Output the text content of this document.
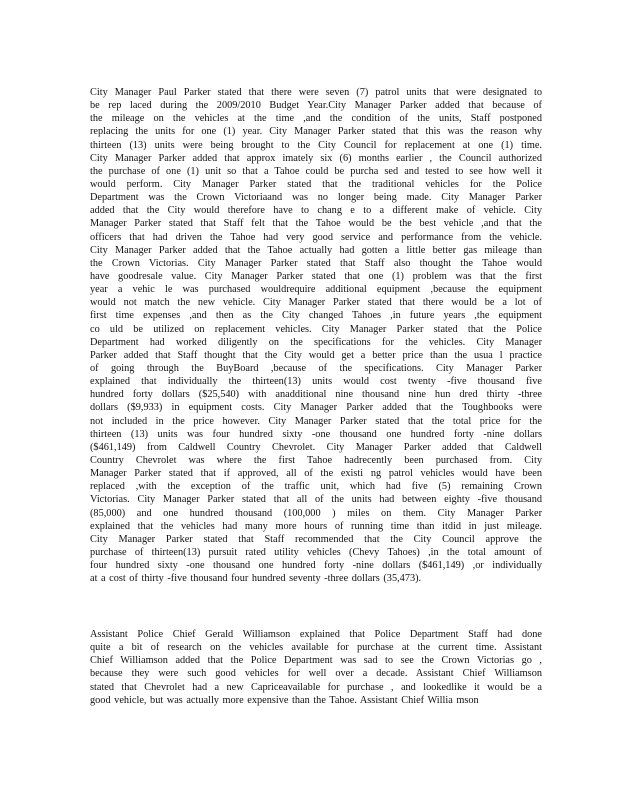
City Manager Paul Parker stated that there were seven (7) patrol units that were designated to
be rep laced during the 2009/2010 Budget Year.City Manager Parker added that because of
the mileage on the vehicles at the time ,and the condition of the units, Staff postponed
replacing the units for one (1) year. City Manager Parker stated that this was the reason why
thirteen (13) units were being brought to the City Council for replacement at one (1) time.
City Manager Parker added that approx imately six (6) months earlier , the Council authorized
the purchase of one (1) unit so that a Tahoe could be purcha sed and tested to see how well it
would perform. City Manager Parker stated that the traditional vehicles for the Police
Department was the Crown Victoriaand was no longer being made. City Manager Parker
added that the City would therefore have to chang e to a different make of vehicle. City
Manager Parker stated that Staff felt that the Tahoe would be the best vehicle ,and that the
officers that had driven the Tahoe had very good service and performance from the vehicle.
City Manager Parker added that the Tahoe actually had gotten a little better gas mileage than
the Crown Victorias. City Manager Parker stated that Staff also thought the Tahoe would
have goodresale value. City Manager Parker stated that one (1) problem was that the first
year a vehic le was purchased wouldrequire additional equipment ,because the equipment
would not match the new vehicle. City Manager Parker stated that there would be a lot of
first time expenses ,and then as the City changed Tahoes ,in future years ,the equipment
co uld be utilized on replacement vehicles. City Manager Parker stated that the Police
Department had worked diligently on the specifications for the vehicles. City Manager
Parker added that Staff thought that the City would get a better price than the usua l practice
of going through the BuyBoard ,because of the specifications. City Manager Parker
explained that individually the thirteen(13) units would cost twenty -five thousand five
hundred forty dollars ($25,540) with anadditional nine thousand nine hun dred thirty -three
dollars ($9,933) in equipment costs. City Manager Parker added that the Toughbooks were
not included in the price however. City Manager Parker stated that the total price for the
thirteen (13) units was four hundred sixty -one thousand one hundred forty -nine dollars
($461,149) from Caldwell Country Chevrolet. City Manager Parker added that Caldwell
Country Chevrolet was where the first Tahoe hadrecently been purchased from. City
Manager Parker stated that if approved, all of the existi ng patrol vehicles would have been
replaced ,with the exception of the traffic unit, which had five (5) remaining Crown
Victorias. City Manager Parker stated that all of the units had between eighty -five thousand
(85,000) and one hundred thousand (100,000 ) miles on them. City Manager Parker
explained that the vehicles had many more hours of running time than itdid in just mileage.
City Manager Parker stated that Staff recommended that the City Council approve the
purchase of thirteen(13) pursuit rated utility vehicles (Chevy Tahoes) ,in the total amount of
four hundred sixty -one thousand one hundred forty -nine dollars ($461,149) ,or individually
at a cost of thirty -five thousand four hundred seventy -three dollars (35,473).
Assistant Police Chief Gerald Williamson explained that Police Department Staff had done
quite a bit of research on the vehicles available for purchase at the current time. Assistant
Chief Williamson added that the Police Department was sad to see the Crown Victorias go ,
because they were such good vehicles for well over a decade. Assistant Chief Williamson
stated that Chevrolet had a new Capriceavailable for purchase , and lookedlike it would be a
good vehicle, but was actually more expensive than the Tahoe. Assistant Chief Willia mson
